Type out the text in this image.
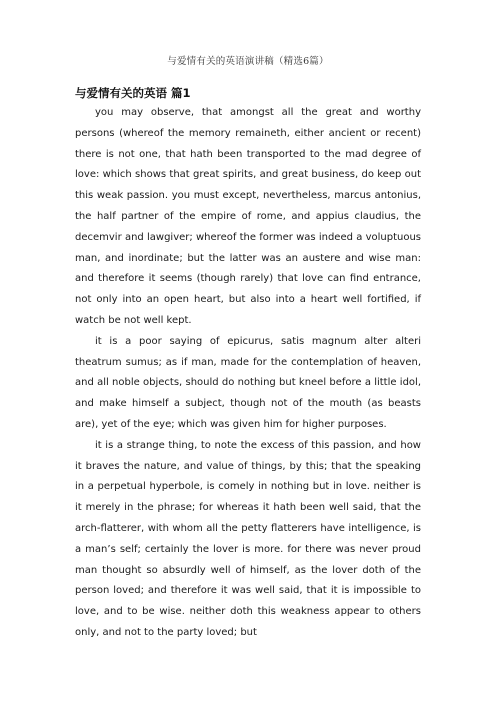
与爱情有关的英语演讲稿（精选6篇）
与爱情有关的英语 篇1

you may observe, that amongst all the great and worthy persons (whereof the memory remaineth, either ancient or recent) there is not one, that hath been transported to the mad degree of love: which shows that great spirits, and great business, do keep out this weak passion. you must except, nevertheless, marcus antonius, the half partner of the empire of rome, and appius claudius, the decemvir and lawgiver; whereof the former was indeed a voluptuous man, and inordinate; but the latter was an austere and wise man: and therefore it seems (though rarely) that love can find entrance, not only into an open heart, but also into a heart well fortified, if watch be not well kept.

it is a poor saying of epicurus, satis magnum alter alteri theatrum sumus; as if man, made for the contemplation of heaven, and all noble objects, should do nothing but kneel before a little idol, and make himself a subject, though not of the mouth (as beasts are), yet of the eye; which was given him for higher purposes.

it is a strange thing, to note the excess of this passion, and how it braves the nature, and value of things, by this; that the speaking in a perpetual hyperbole, is comely in nothing but in love. neither is it merely in the phrase; for whereas it hath been well said, that the arch-flatterer, with whom all the petty flatterers have intelligence, is a man’s self; certainly the lover is more. for there was never proud man thought so absurdly well of himself, as the lover doth of the person loved; and therefore it was well said, that it is impossible to love, and to be wise. neither doth this weakness appear to others only, and not to the party loved; but
